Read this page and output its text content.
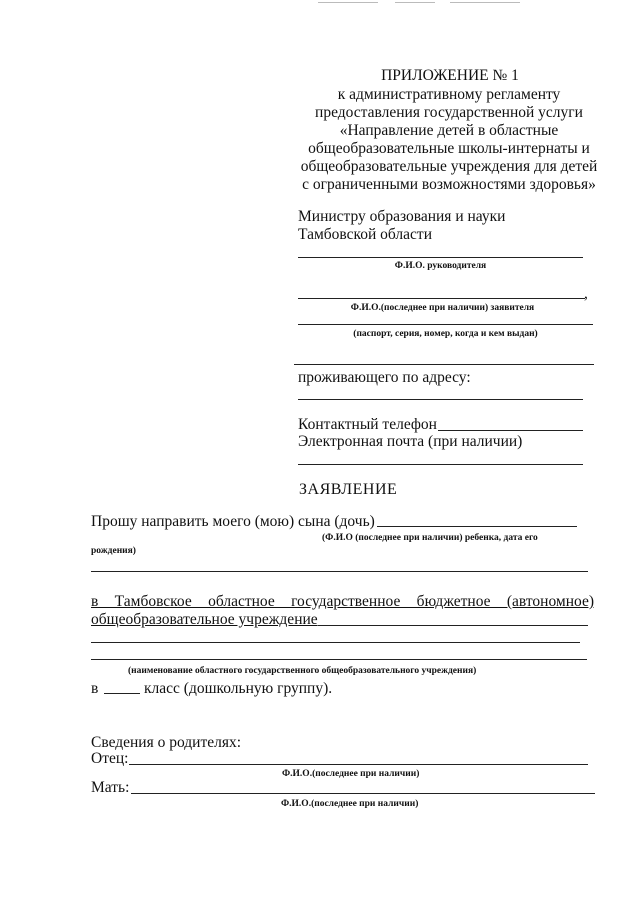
ПРИЛОЖЕНИЕ № 1
к административному регламенту
предоставления государственной услуги
«Направление детей в областные
общеобразовательные школы-интернаты и
общеобразовательные учреждения для детей
с ограниченными возможностями здоровья»
Министру образования и науки
Тамбовской области
Ф.И.О. руководителя
,
Ф.И.О.(последнее при наличии) заявителя
(паспорт, серия, номер, когда и кем выдан)
проживающего по адресу:
Контактный телефон
Электронная почта (при наличии)
ЗАЯВЛЕНИЕ
Прошу направить моего (мою) сына (дочь)
(Ф.И.О (последнее при наличии) ребенка, дата его
рождения)
в Тамбовское областное государственное бюджетное (автономное)
общеобразовательное учреждение
(наименование областного государственного общеобразовательного учреждения)
в	класс (дошкольную группу).
Сведения о родителях:
Отец:
Ф.И.О.(последнее при наличии)
Мать:
Ф.И.О.(последнее при наличии)
